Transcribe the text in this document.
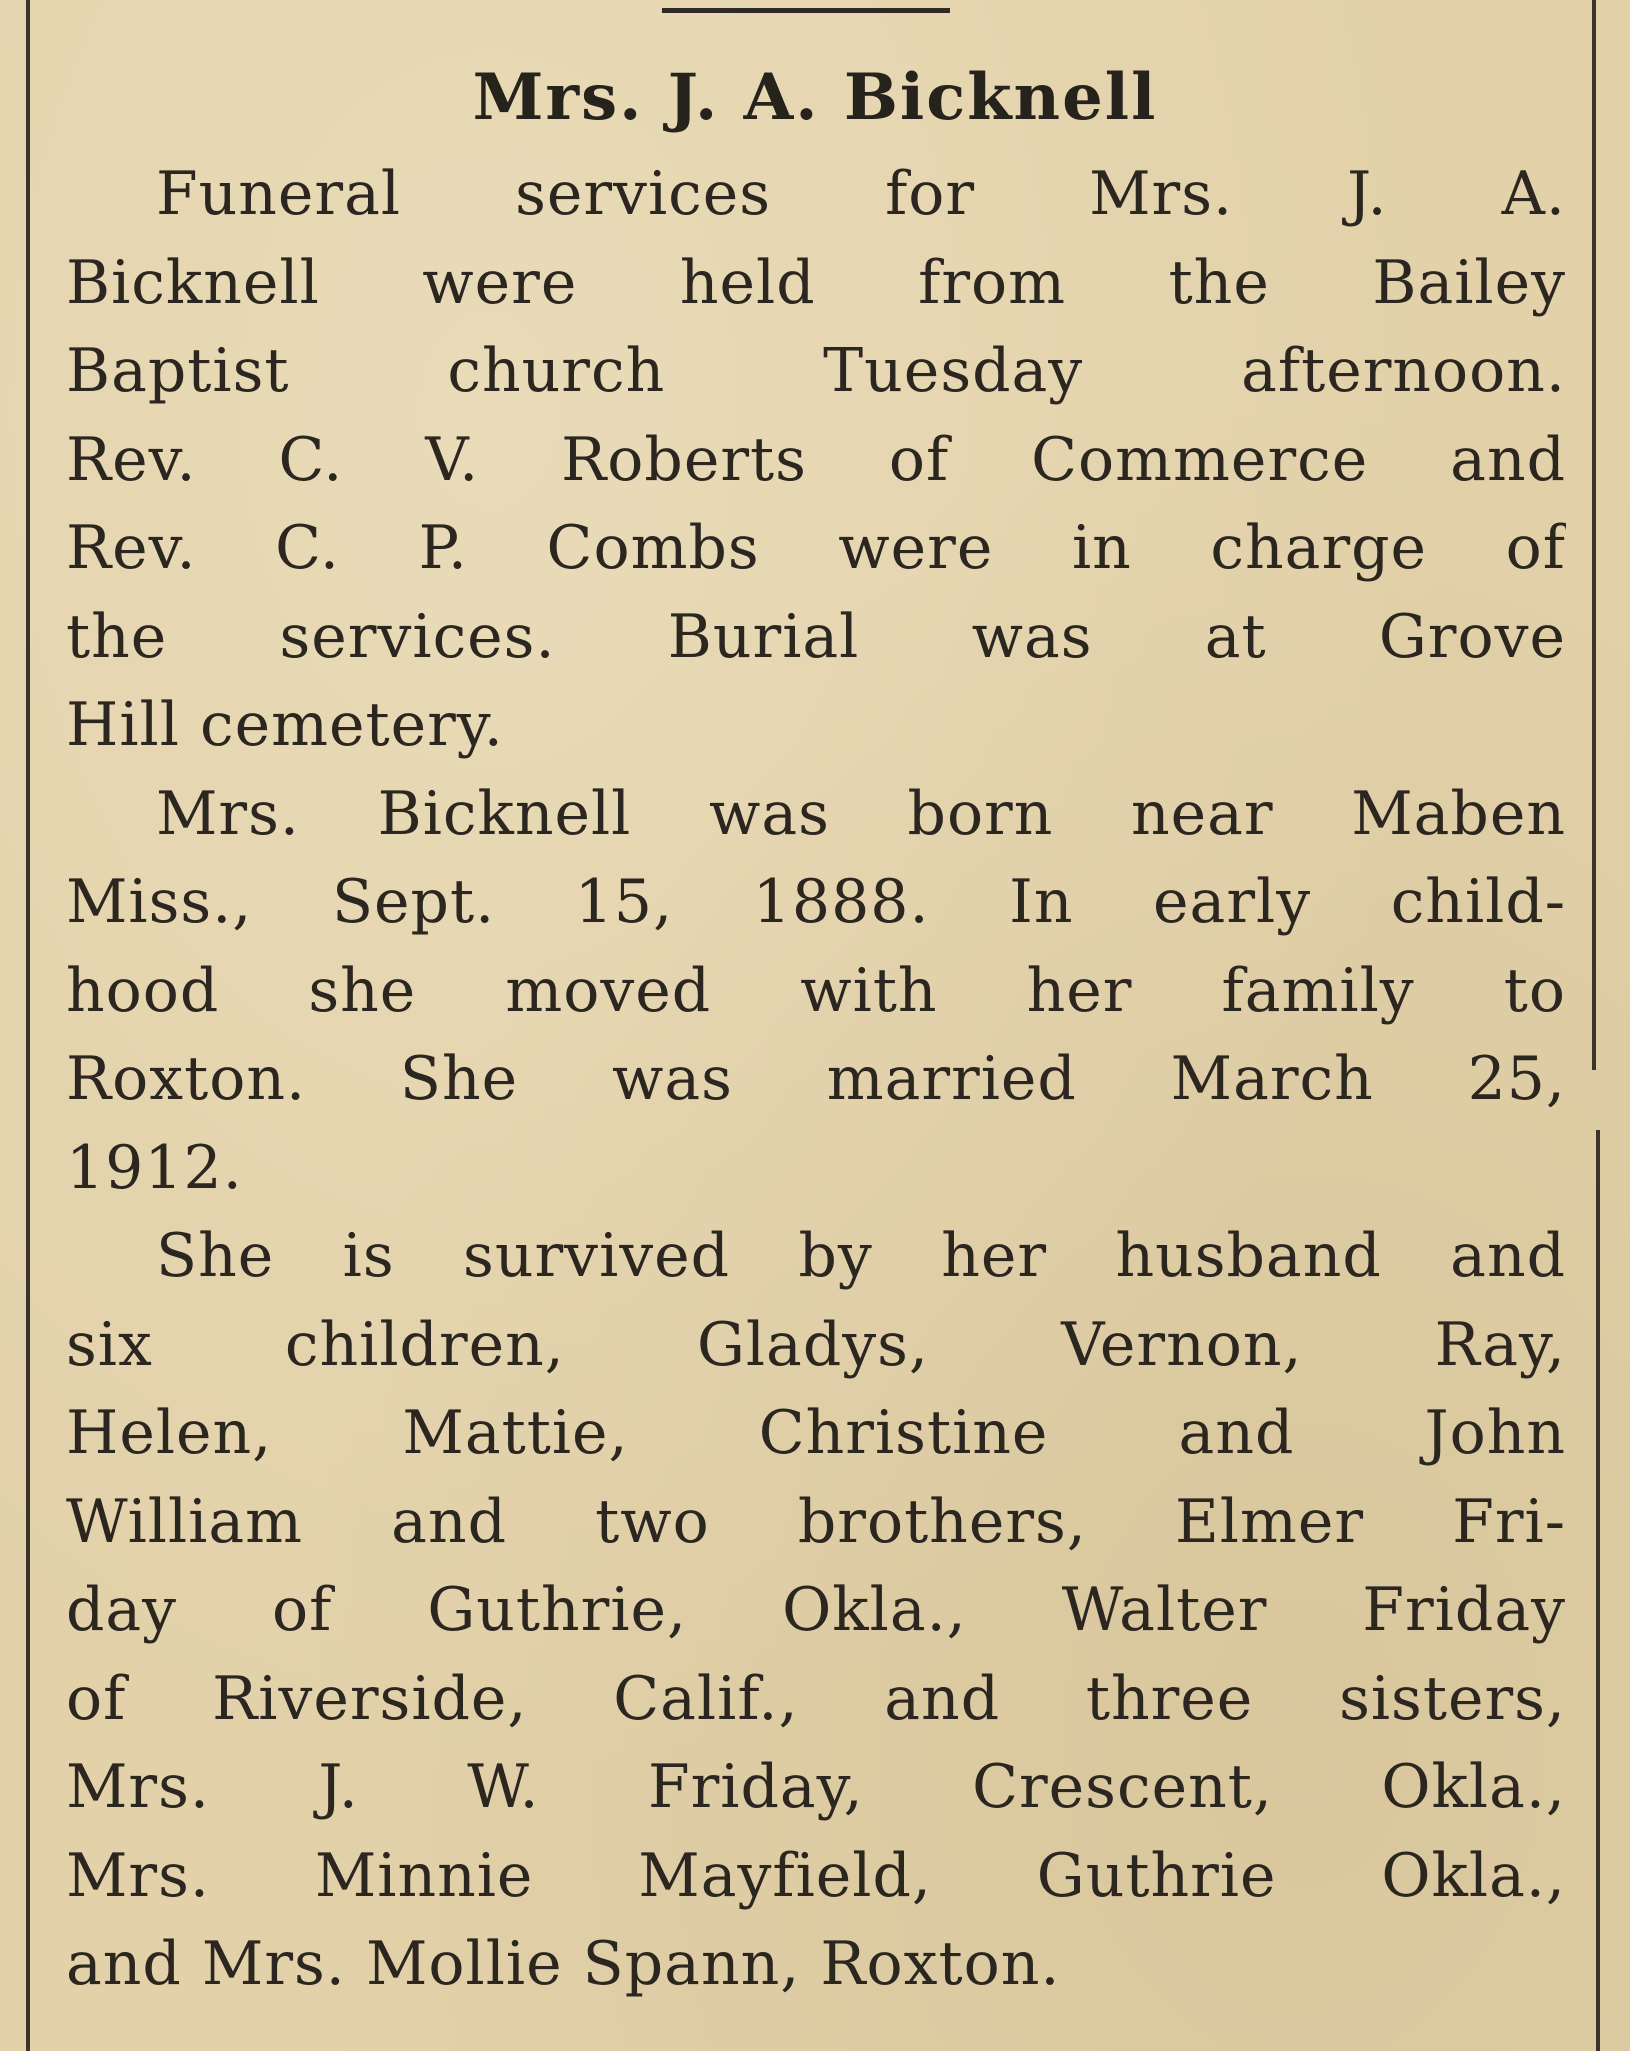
Mrs. J. A. Bicknell

Funeral services for Mrs. J. A.
Bicknell were held from the Bailey
Baptist church Tuesday afternoon.
Rev. C. V. Roberts of Commerce and
Rev. C. P. Combs were in charge of
the services. Burial was at Grove
Hill cemetery.

Mrs. Bicknell was born near Maben
Miss., Sept. 15, 1888. In early child-
hood she moved with her family to
Roxton. She was married March 25,
1912.

She is survived by her husband and
six children, Gladys, Vernon, Ray,
Helen, Mattie, Christine and John
William and two brothers, Elmer Fri-
day of Guthrie, Okla., Walter Friday
of Riverside, Calif., and three sisters,
Mrs. J. W. Friday, Crescent, Okla.,
Mrs. Minnie Mayfield, Guthrie Okla.,
and Mrs. Mollie Spann, Roxton.
